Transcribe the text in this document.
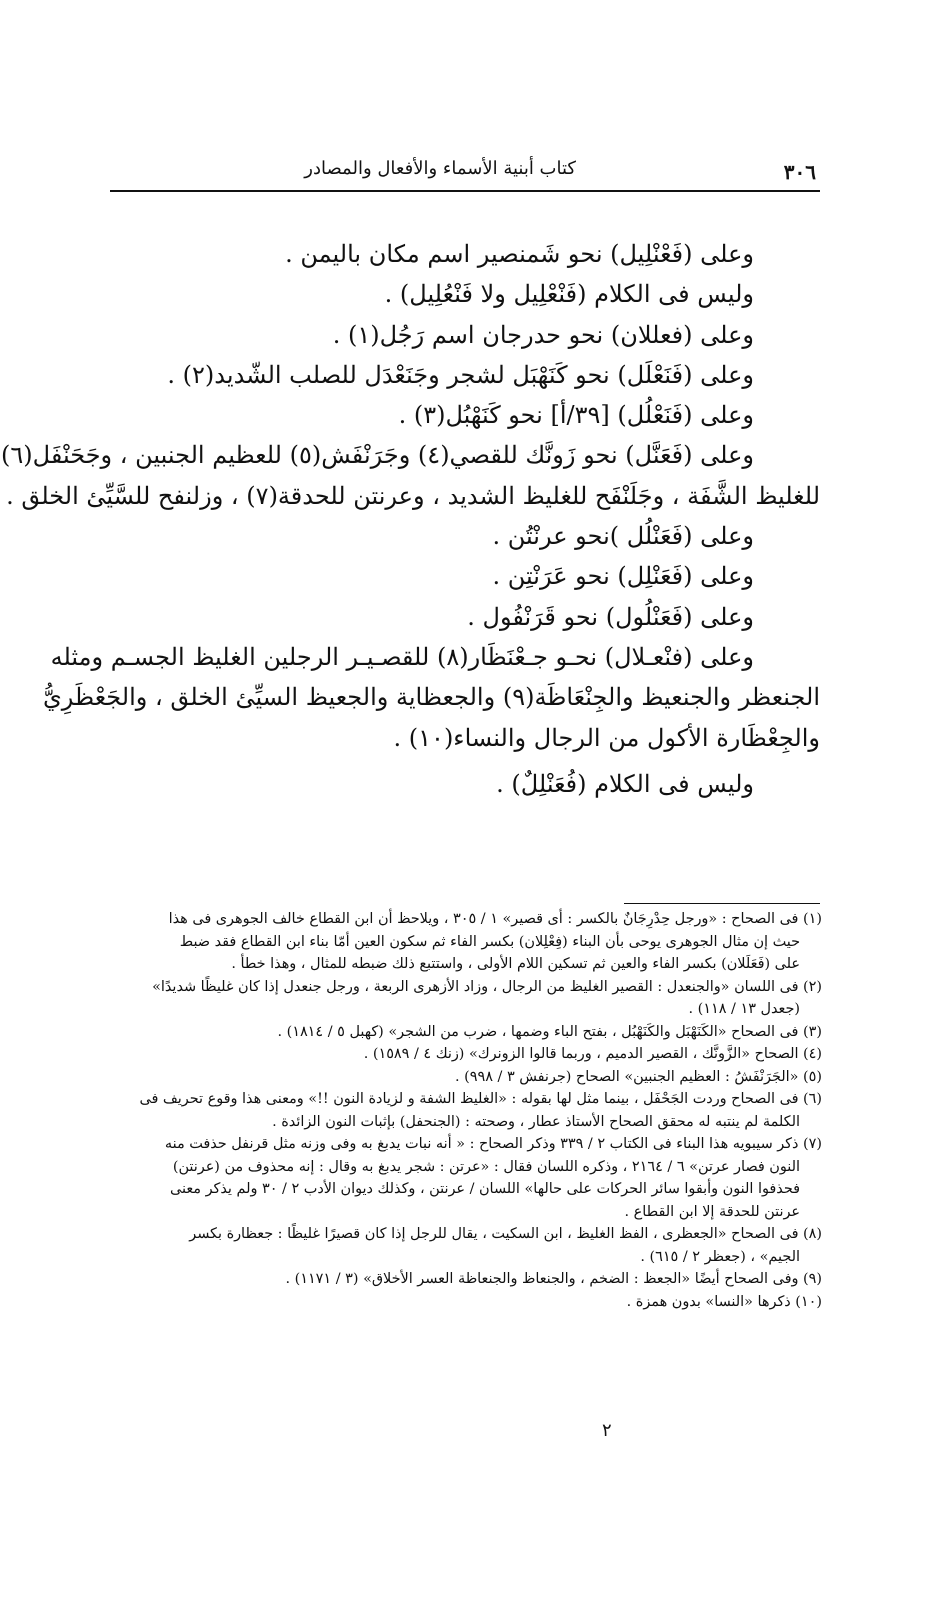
٣٠٦
كتاب أبنية الأسماء والأفعال والمصادر
وعلى (فَعْنْلِيل) نحو شَمنصير اسم مكان باليمن .
وليس فى الكلام (فَنْعْلِيل ولا فَنْعُلِيل) .
وعلى (فعللان) نحو حدرجان اسم رَجُل(١) .
وعلى (فَنَعْلَل) نحو كَنَهْبَل لشجر وجَنَعْدَل للصلب الشّديد(٢) .
وعلى (فَنَعْلُل) [٣٩/أ] نحو كَنَهْبُل(٣) .
وعلى (فَعَنَّل) نحو زَونَّك للقصي(٤) وجَرَنْفَش(٥) للعظيم الجنبين ، وجَحَنْفَل(٦)
للغليظ الشَّفَة ، وجَلَنْفَح للغليظ الشديد ، وعرنتن للحدقة(٧) ، وزلنفح للسَّيِّئ الخلق .
وعلى (فَعَنْلُل )نحو عرنْتُن .
وعلى (فَعَنْلِل) نحو عَرَنْتِن .
وعلى (فَعَنْلُول) نحو قَرَنْفُول .
وعلى (فنْعـلال) نحـو جـعْنَظَار(٨) للقصـيـر الرجلين الغليظ الجسـم ومثله
الجنعظر والجنعيظ والجِنْعَاظَة(٩) والجعظاية والجعيظ السيِّئ الخلق ، والجَعْظَرِيُّ
والجِعْظَارة الأكول من الرجال والنساء(١٠) .
وليس فى الكلام (فُعَنْلِلٌ) .
(١) فى الصحاح : «ورجل حِدْرِجَانٌ بالكسر : أى قصير» ١ / ٣٠٥ ، ويلاحظ أن ابن القطاع خالف الجوهرى فى هذا
حيث إن مثال الجوهرى يوحى بأن البناء (فِعْلِلان) بكسر الفاء ثم سكون العين أمّا بناء ابن القطاع فقد ضبط
على (فَعَلَلان) بكسر الفاء والعين ثم تسكين اللام الأولى ، واستتبع ذلك ضبطه للمثال ، وهذا خطأ .
(٢) فى اللسان «والجنعدل : القصير الغليظ من الرجال ، وزاد الأزهرى الربعة ، ورجل جنعدل إذا كان غليظًا شديدًا»
(جعدل ١٣ / ١١٨) .
(٣) فى الصحاح «الكَنَهْبَل والكَنَهْبُل ، بفتح الباء وضمها ، ضرب من الشجر» (كهبل ٥ / ١٨١٤) .
(٤) الصحاح «الزَّونَّك ، القصير الدميم ، وربما قالوا الزونرك» (زنك ٤ / ١٥٨٩) .
(٥) «الجَرَنْفَشُ : العظيم الجنبين» الصحاح (جرنفش ٣ / ٩٩٨) .
(٦) فى الصحاح وردت الجَحْفَل ، بينما مثل لها بقوله : «الغليظ الشفة و لزيادة النون !!» ومعنى هذا وقوع تحريف فى
الكلمة لم ينتبه له محقق الصحاح الأستاذ عطار ، وصحته : (الجنحفل) بإثبات النون الزائدة .
(٧) ذكر سيبويه هذا البناء فى الكتاب ٢ / ٣٣٩ وذكر الصحاح : « أنه نبات يدبغ به وفى وزنه مثل قرنفل حذفت منه
النون فصار عرتن» ٦ / ٢١٦٤ ، وذكره اللسان فقال : «عرتن : شجر يدبغ به وقال : إنه محذوف من (عرنتن)
فحذفوا النون وأبقوا سائر الحركات على حالها» اللسان / عرنتن ، وكذلك ديوان الأدب ٢ / ٣٠ ولم يذكر معنى
عرنتن للحدقة إلا ابن القطاع .
(٨) فى الصحاح «الجعظرى ، الفظ الغليظ ، ابن السكيت ، يقال للرجل إذا كان قصيرًا غليظًا : جعظارة بكسر
الجيم» ، (جعظر ٢ / ٦١٥) .
(٩) وفى الصحاح أيضًا «الجعظ : الضخم ، والجنعاظ والجنعاظة العسر الأخلاق» (٣ / ١١٧١) .
(١٠) ذكرها «النسا» بدون همزة .
٢
